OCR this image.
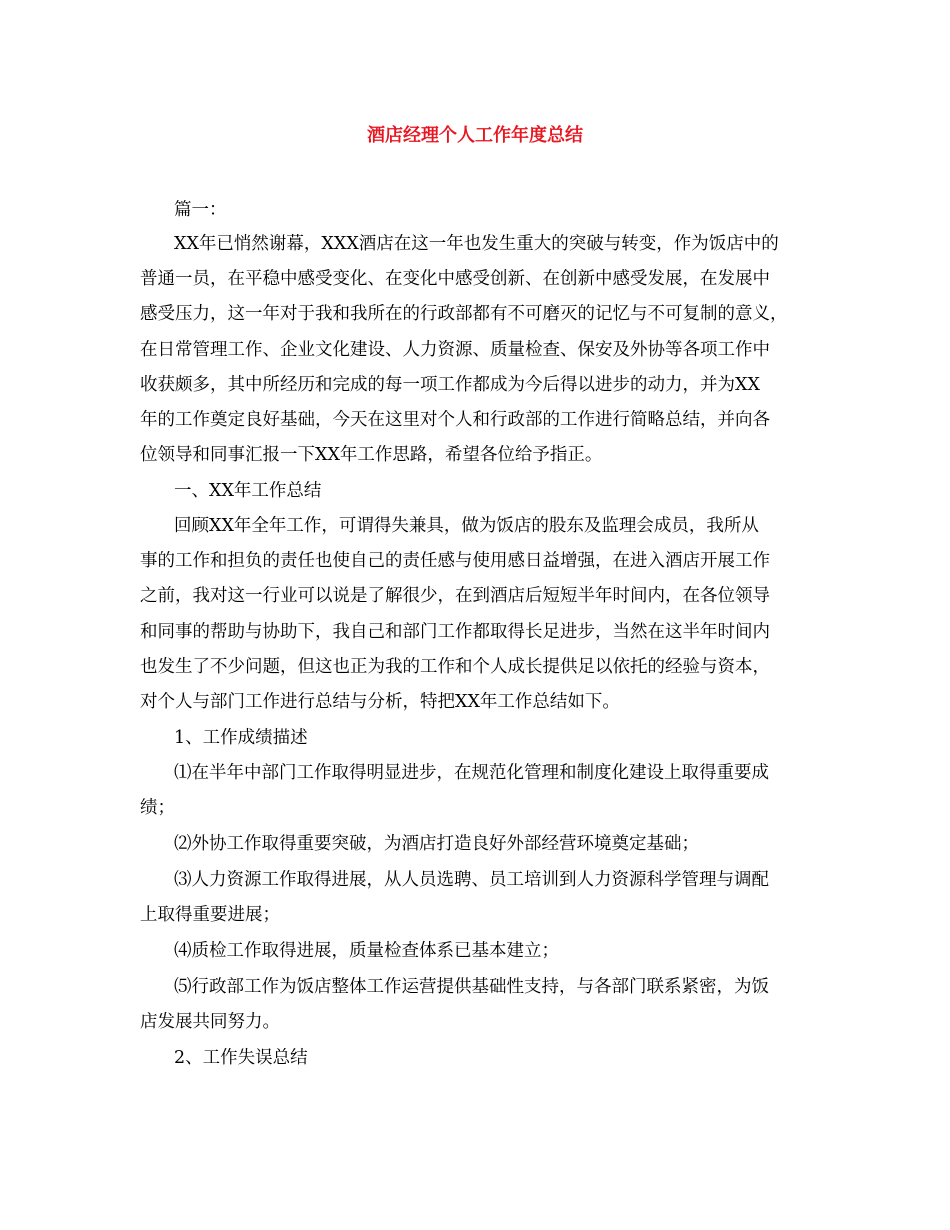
酒店经理个人工作年度总结
篇一：
XX年已悄然谢幕，XXX酒店在这一年也发生重大的突破与转变，作为饭店中的
普通一员，在平稳中感受变化、在变化中感受创新、在创新中感受发展，在发展中
感受压力，这一年对于我和我所在的行政部都有不可磨灭的记忆与不可复制的意义，
在日常管理工作、企业文化建设、人力资源、质量检查、保安及外协等各项工作中
收获颇多，其中所经历和完成的每一项工作都成为今后得以进步的动力，并为XX
年的工作奠定良好基础，今天在这里对个人和行政部的工作进行简略总结，并向各
位领导和同事汇报一下XX年工作思路，希望各位给予指正。
一、XX年工作总结
回顾XX年全年工作，可谓得失兼具，做为饭店的股东及监理会成员，我所从
事的工作和担负的责任也使自己的责任感与使用感日益增强，在进入酒店开展工作
之前，我对这一行业可以说是了解很少，在到酒店后短短半年时间内，在各位领导
和同事的帮助与协助下，我自己和部门工作都取得长足进步，当然在这半年时间内
也发生了不少问题，但这也正为我的工作和个人成长提供足以依托的经验与资本，
对个人与部门工作进行总结与分析，特把XX年工作总结如下。
1、工作成绩描述
⑴在半年中部门工作取得明显进步，在规范化管理和制度化建设上取得重要成
绩；
⑵外协工作取得重要突破，为酒店打造良好外部经营环境奠定基础；
⑶人力资源工作取得进展，从人员选聘、员工培训到人力资源科学管理与调配
上取得重要进展；
⑷质检工作取得进展，质量检查体系已基本建立；
⑸行政部工作为饭店整体工作运营提供基础性支持，与各部门联系紧密，为饭
店发展共同努力。
2、工作失误总结
